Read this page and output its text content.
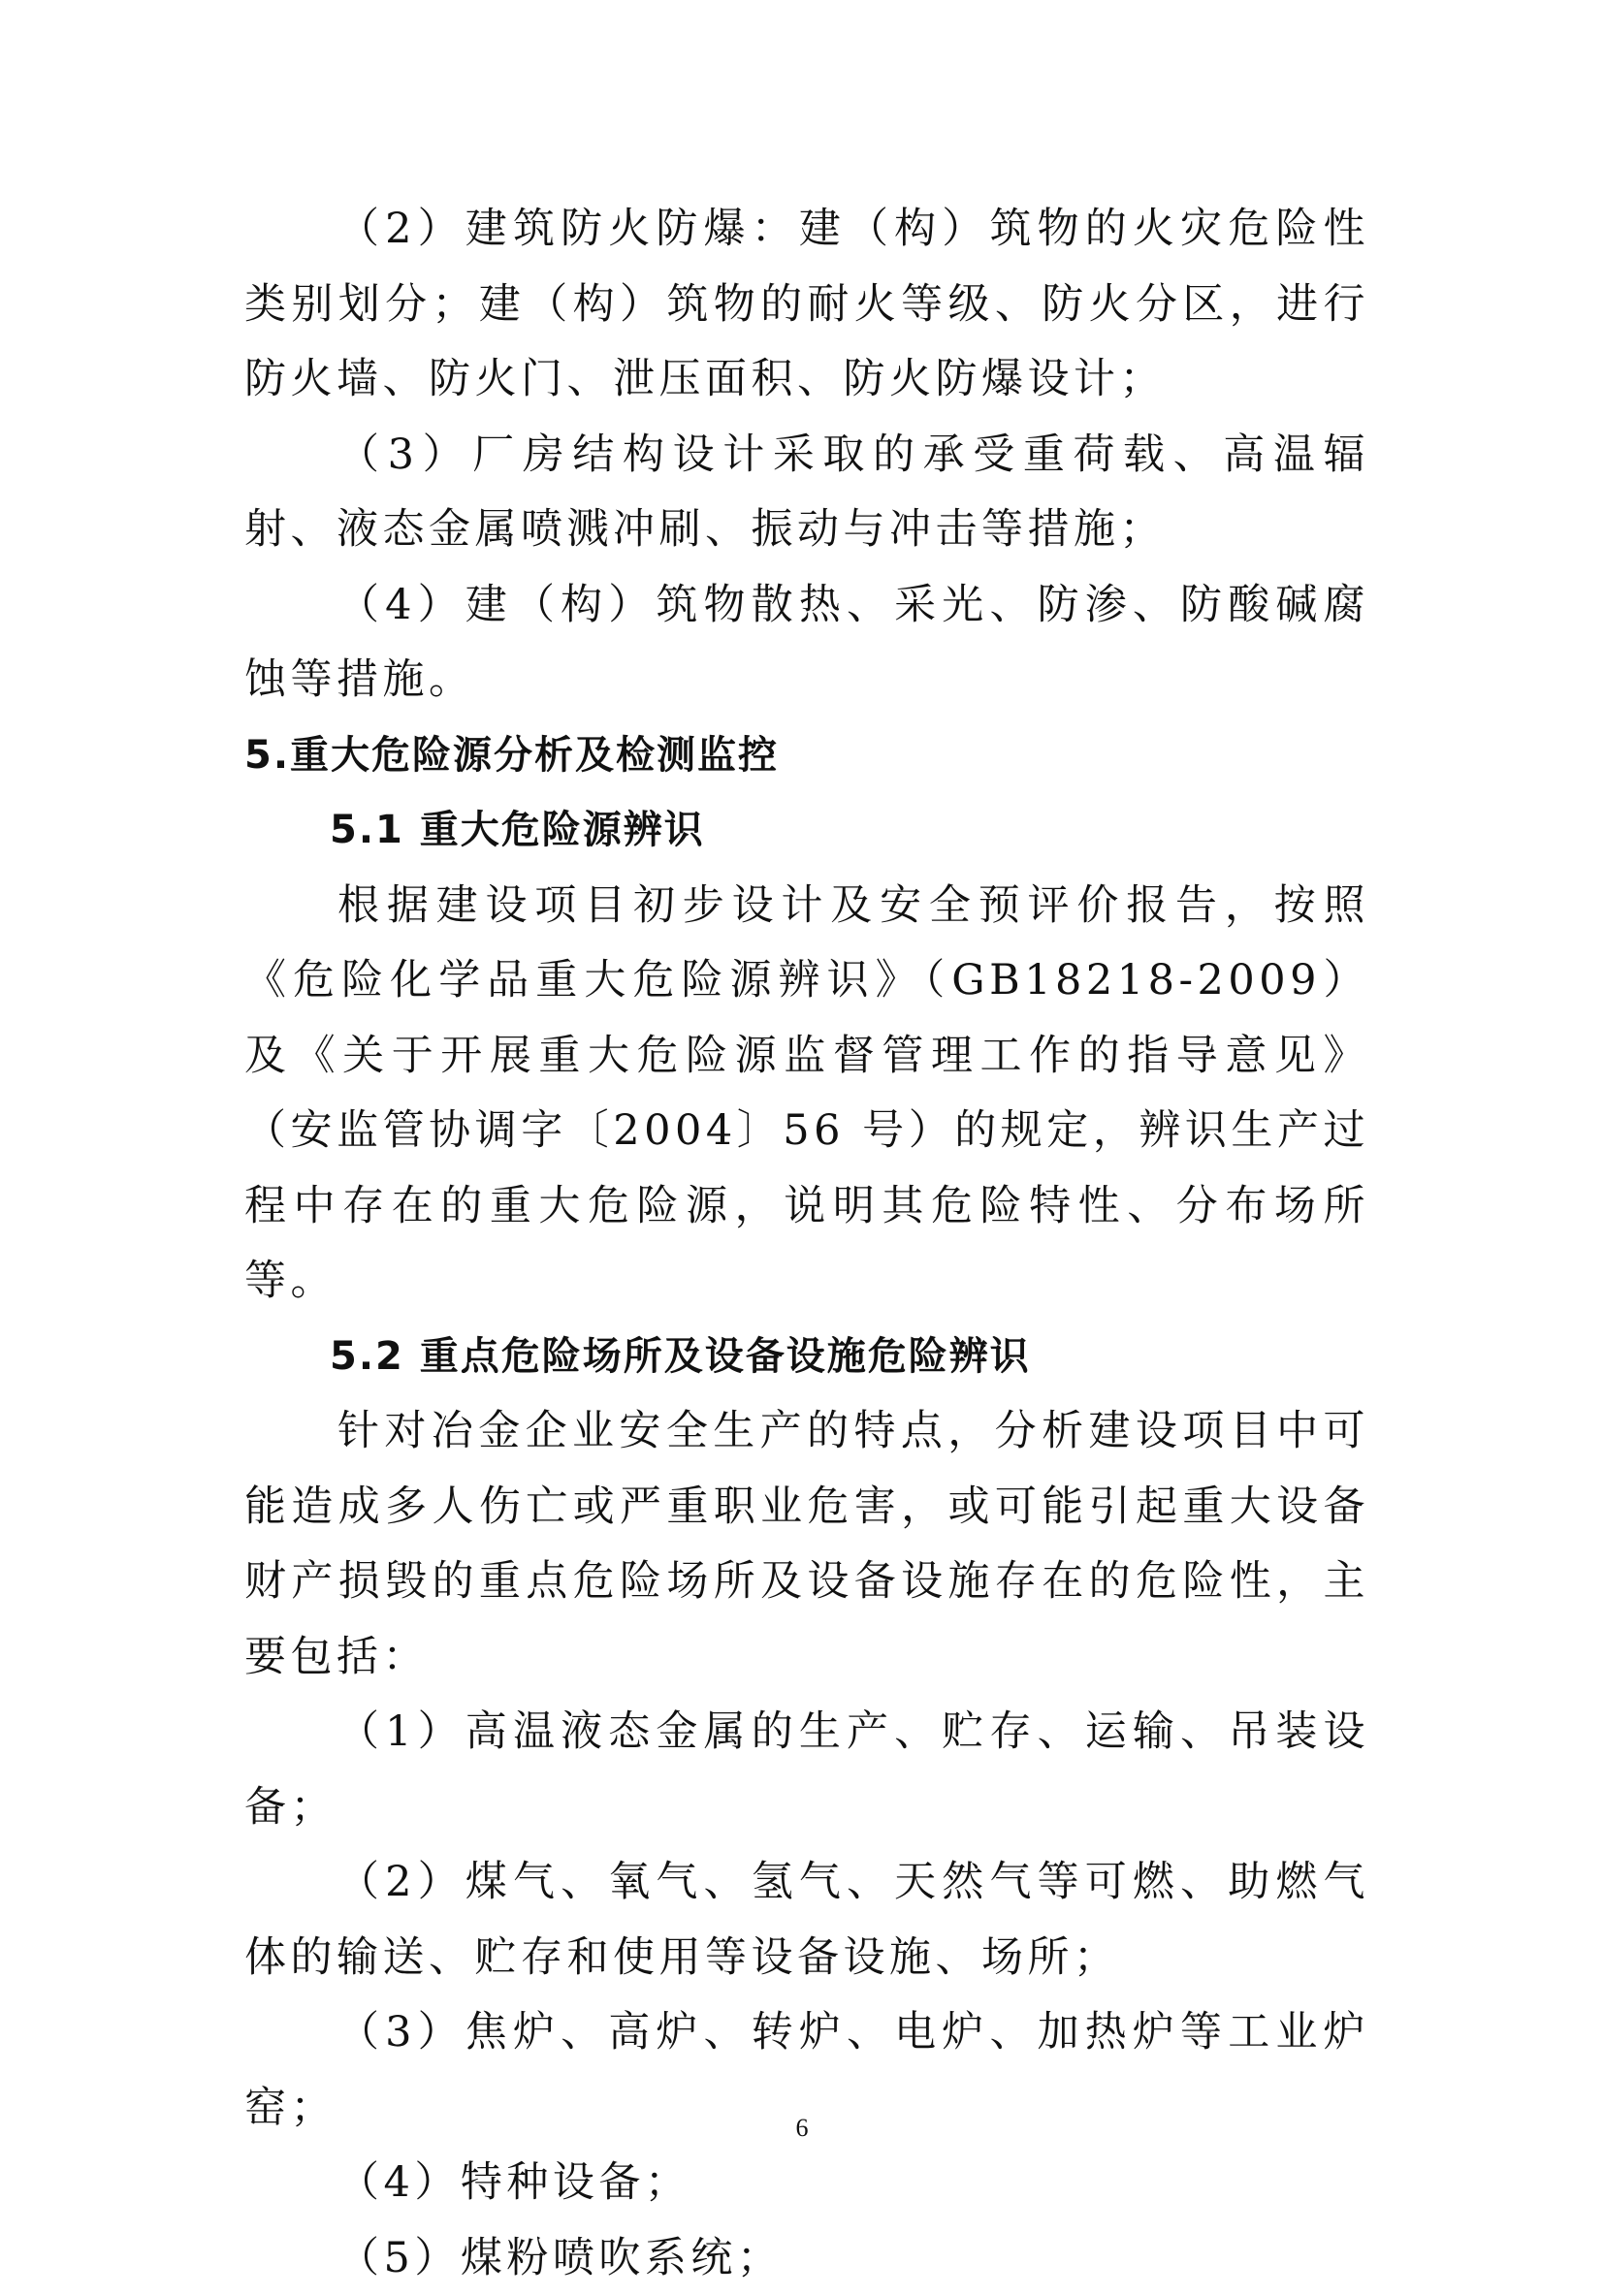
（2）建筑防火防爆：建（构）筑物的火灾危险性类别划分；建（构）筑物的耐火等级、防火分区，进行防火墙、防火门、泄压面积、防火防爆设计；

（3）厂房结构设计采取的承受重荷载、高温辐射、液态金属喷溅冲刷、振动与冲击等措施；

（4）建（构）筑物散热、采光、防渗、防酸碱腐蚀等措施。

5.重大危险源分析及检测监控
5.1 重大危险源辨识

根据建设项目初步设计及安全预评价报告，按照《危险化学品重大危险源辨识》（GB18218-2009）及《关于开展重大危险源监督管理工作的指导意见》（安监管协调字〔2004〕56 号）的规定，辨识生产过程中存在的重大危险源，说明其危险特性、分布场所等。

5.2 重点危险场所及设备设施危险辨识

针对冶金企业安全生产的特点，分析建设项目中可能造成多人伤亡或严重职业危害，或可能引起重大设备财产损毁的重点危险场所及设备设施存在的危险性，主要包括：

（1）高温液态金属的生产、贮存、运输、吊装设备；

（2）煤气、氧气、氢气、天然气等可燃、助燃气体的输送、贮存和使用等设备设施、场所；

（3）焦炉、高炉、转炉、电炉、加热炉等工业炉窑；

（4）特种设备；

（5）煤粉喷吹系统；

6
